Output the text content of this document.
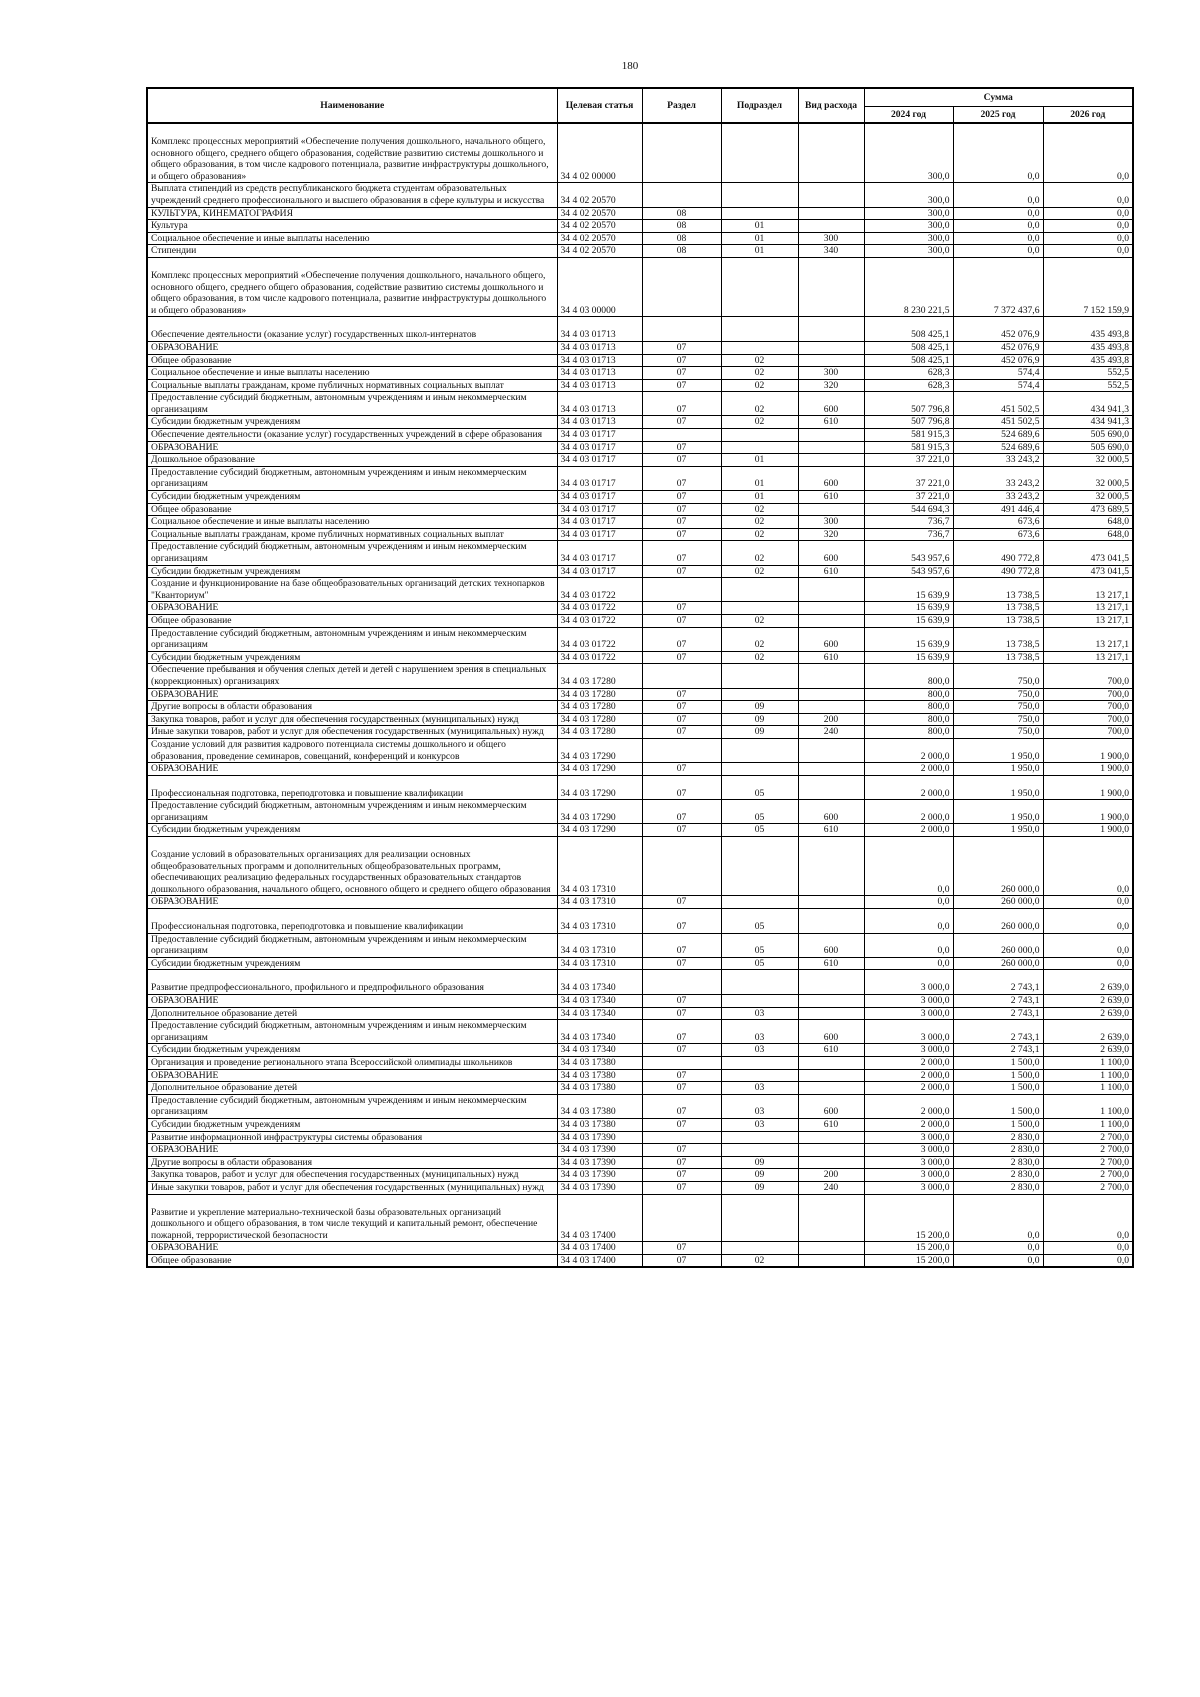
180
Наименование	Целевая статья	Раздел	Подраздел	Вид расхода	Сумма		
					2024 год	2025 год	2026 год
Комплекс процессных мероприятий «Обеспечение получения дошкольного, начального общего, основного общего, среднего общего образования, содействие развитию системы дошкольного и общего образования, в том числе кадрового потенциала, развитие инфраструктуры дошкольного, и общего образования»	34 4 02 00000				300,0	0,0	0,0
Выплата стипендий из средств республиканского бюджета студентам образовательных учреждений среднего профессионального и высшего образования в сфере культуры и искусства	34 4 02 20570				300,0	0,0	0,0
КУЛЬТУРА, КИНЕМАТОГРАФИЯ	34 4 02 20570	08			300,0	0,0	0,0
Культура	34 4 02 20570	08	01		300,0	0,0	0,0
Социальное обеспечение и иные выплаты населению	34 4 02 20570	08	01	300	300,0	0,0	0,0
Стипендии	34 4 02 20570	08	01	340	300,0	0,0	0,0
Комплекс процессных мероприятий «Обеспечение получения дошкольного, начального общего, основного общего, среднего общего образования, содействие развитию системы дошкольного и общего образования, в том числе кадрового потенциала, развитие инфраструктуры дошкольного и общего образования»	34 4 03 00000				8 230 221,5	7 372 437,6	7 152 159,9
Обеспечение деятельности (оказание услуг) государственных школ-интернатов	34 4 03 01713				508 425,1	452 076,9	435 493,8
ОБРАЗОВАНИЕ	34 4 03 01713	07			508 425,1	452 076,9	435 493,8
Общее образование	34 4 03 01713	07	02		508 425,1	452 076,9	435 493,8
Социальное обеспечение и иные выплаты населению	34 4 03 01713	07	02	300	628,3	574,4	552,5
Социальные выплаты гражданам, кроме публичных нормативных социальных выплат	34 4 03 01713	07	02	320	628,3	574,4	552,5
Предоставление субсидий бюджетным, автономным учреждениям и иным некоммерческим организациям	34 4 03 01713	07	02	600	507 796,8	451 502,5	434 941,3
Субсидии бюджетным учреждениям	34 4 03 01713	07	02	610	507 796,8	451 502,5	434 941,3
Обеспечение деятельности (оказание услуг) государственных учреждений в сфере образования	34 4 03 01717				581 915,3	524 689,6	505 690,0
ОБРАЗОВАНИЕ	34 4 03 01717	07			581 915,3	524 689,6	505 690,0
Дошкольное образование	34 4 03 01717	07	01		37 221,0	33 243,2	32 000,5
Предоставление субсидий бюджетным, автономным учреждениям и иным некоммерческим организациям	34 4 03 01717	07	01	600	37 221,0	33 243,2	32 000,5
Субсидии бюджетным учреждениям	34 4 03 01717	07	01	610	37 221,0	33 243,2	32 000,5
Общее образование	34 4 03 01717	07	02		544 694,3	491 446,4	473 689,5
Социальное обеспечение и иные выплаты населению	34 4 03 01717	07	02	300	736,7	673,6	648,0
Социальные выплаты гражданам, кроме публичных нормативных социальных выплат	34 4 03 01717	07	02	320	736,7	673,6	648,0
Предоставление субсидий бюджетным, автономным учреждениям и иным некоммерческим организациям	34 4 03 01717	07	02	600	543 957,6	490 772,8	473 041,5
Субсидии бюджетным учреждениям	34 4 03 01717	07	02	610	543 957,6	490 772,8	473 041,5
Создание и функционирование на базе общеобразовательных организаций детских технопарков "Кванториум"	34 4 03 01722				15 639,9	13 738,5	13 217,1
ОБРАЗОВАНИЕ	34 4 03 01722	07			15 639,9	13 738,5	13 217,1
Общее образование	34 4 03 01722	07	02		15 639,9	13 738,5	13 217,1
Предоставление субсидий бюджетным, автономным учреждениям и иным некоммерческим организациям	34 4 03 01722	07	02	600	15 639,9	13 738,5	13 217,1
Субсидии бюджетным учреждениям	34 4 03 01722	07	02	610	15 639,9	13 738,5	13 217,1
Обеспечение пребывания и обучения слепых детей и детей с нарушением зрения в специальных (коррекционных) организациях	34 4 03 17280				800,0	750,0	700,0
ОБРАЗОВАНИЕ	34 4 03 17280	07			800,0	750,0	700,0
Другие вопросы в области образования	34 4 03 17280	07	09		800,0	750,0	700,0
Закупка товаров, работ и услуг для обеспечения государственных (муниципальных) нужд	34 4 03 17280	07	09	200	800,0	750,0	700,0
Иные закупки товаров, работ и услуг для обеспечения государственных (муниципальных) нужд	34 4 03 17280	07	09	240	800,0	750,0	700,0
Создание условий для развития кадрового потенциала системы дошкольного и общего образования, проведение семинаров, совещаний, конференций и конкурсов	34 4 03 17290				2 000,0	1 950,0	1 900,0
ОБРАЗОВАНИЕ	34 4 03 17290	07			2 000,0	1 950,0	1 900,0
Профессиональная подготовка, переподготовка и повышение квалификации	34 4 03 17290	07	05		2 000,0	1 950,0	1 900,0
Предоставление субсидий бюджетным, автономным учреждениям и иным некоммерческим организациям	34 4 03 17290	07	05	600	2 000,0	1 950,0	1 900,0
Субсидии бюджетным учреждениям	34 4 03 17290	07	05	610	2 000,0	1 950,0	1 900,0
Создание условий в образовательных организациях для реализации основных общеобразовательных программ и дополнительных общеобразовательных программ, обеспечивающих реализацию федеральных государственных образовательных стандартов дошкольного образования, начального общего, основного общего и среднего общего образования	34 4 03 17310				0,0	260 000,0	0,0
ОБРАЗОВАНИЕ	34 4 03 17310	07			0,0	260 000,0	0,0
Профессиональная подготовка, переподготовка и повышение квалификации	34 4 03 17310	07	05		0,0	260 000,0	0,0
Предоставление субсидий бюджетным, автономным учреждениям и иным некоммерческим организациям	34 4 03 17310	07	05	600	0,0	260 000,0	0,0
Субсидии бюджетным учреждениям	34 4 03 17310	07	05	610	0,0	260 000,0	0,0
Развитие предпрофессионального, профильного и предпрофильного образования	34 4 03 17340				3 000,0	2 743,1	2 639,0
ОБРАЗОВАНИЕ	34 4 03 17340	07			3 000,0	2 743,1	2 639,0
Дополнительное образование детей	34 4 03 17340	07	03		3 000,0	2 743,1	2 639,0
Предоставление субсидий бюджетным, автономным учреждениям и иным некоммерческим организациям	34 4 03 17340	07	03	600	3 000,0	2 743,1	2 639,0
Субсидии бюджетным учреждениям	34 4 03 17340	07	03	610	3 000,0	2 743,1	2 639,0
Организация и проведение регионального этапа Всероссийской олимпиады школьников	34 4 03 17380				2 000,0	1 500,0	1 100,0
ОБРАЗОВАНИЕ	34 4 03 17380	07			2 000,0	1 500,0	1 100,0
Дополнительное образование детей	34 4 03 17380	07	03		2 000,0	1 500,0	1 100,0
Предоставление субсидий бюджетным, автономным учреждениям и иным некоммерческим организациям	34 4 03 17380	07	03	600	2 000,0	1 500,0	1 100,0
Субсидии бюджетным учреждениям	34 4 03 17380	07	03	610	2 000,0	1 500,0	1 100,0
Развитие информационной инфраструктуры системы образования	34 4 03 17390				3 000,0	2 830,0	2 700,0
ОБРАЗОВАНИЕ	34 4 03 17390	07			3 000,0	2 830,0	2 700,0
Другие вопросы в области образования	34 4 03 17390	07	09		3 000,0	2 830,0	2 700,0
Закупка товаров, работ и услуг для обеспечения государственных (муниципальных) нужд	34 4 03 17390	07	09	200	3 000,0	2 830,0	2 700,0
Иные закупки товаров, работ и услуг для обеспечения государственных (муниципальных) нужд	34 4 03 17390	07	09	240	3 000,0	2 830,0	2 700,0
Развитие и укрепление материально-технической базы образовательных организаций дошкольного и общего образования, в том числе текущий и капитальный ремонт, обеспечение пожарной, террористической безопасности	34 4 03 17400				15 200,0	0,0	0,0
ОБРАЗОВАНИЕ	34 4 03 17400	07			15 200,0	0,0	0,0
Общее образование	34 4 03 17400	07	02		15 200,0	0,0	0,0
